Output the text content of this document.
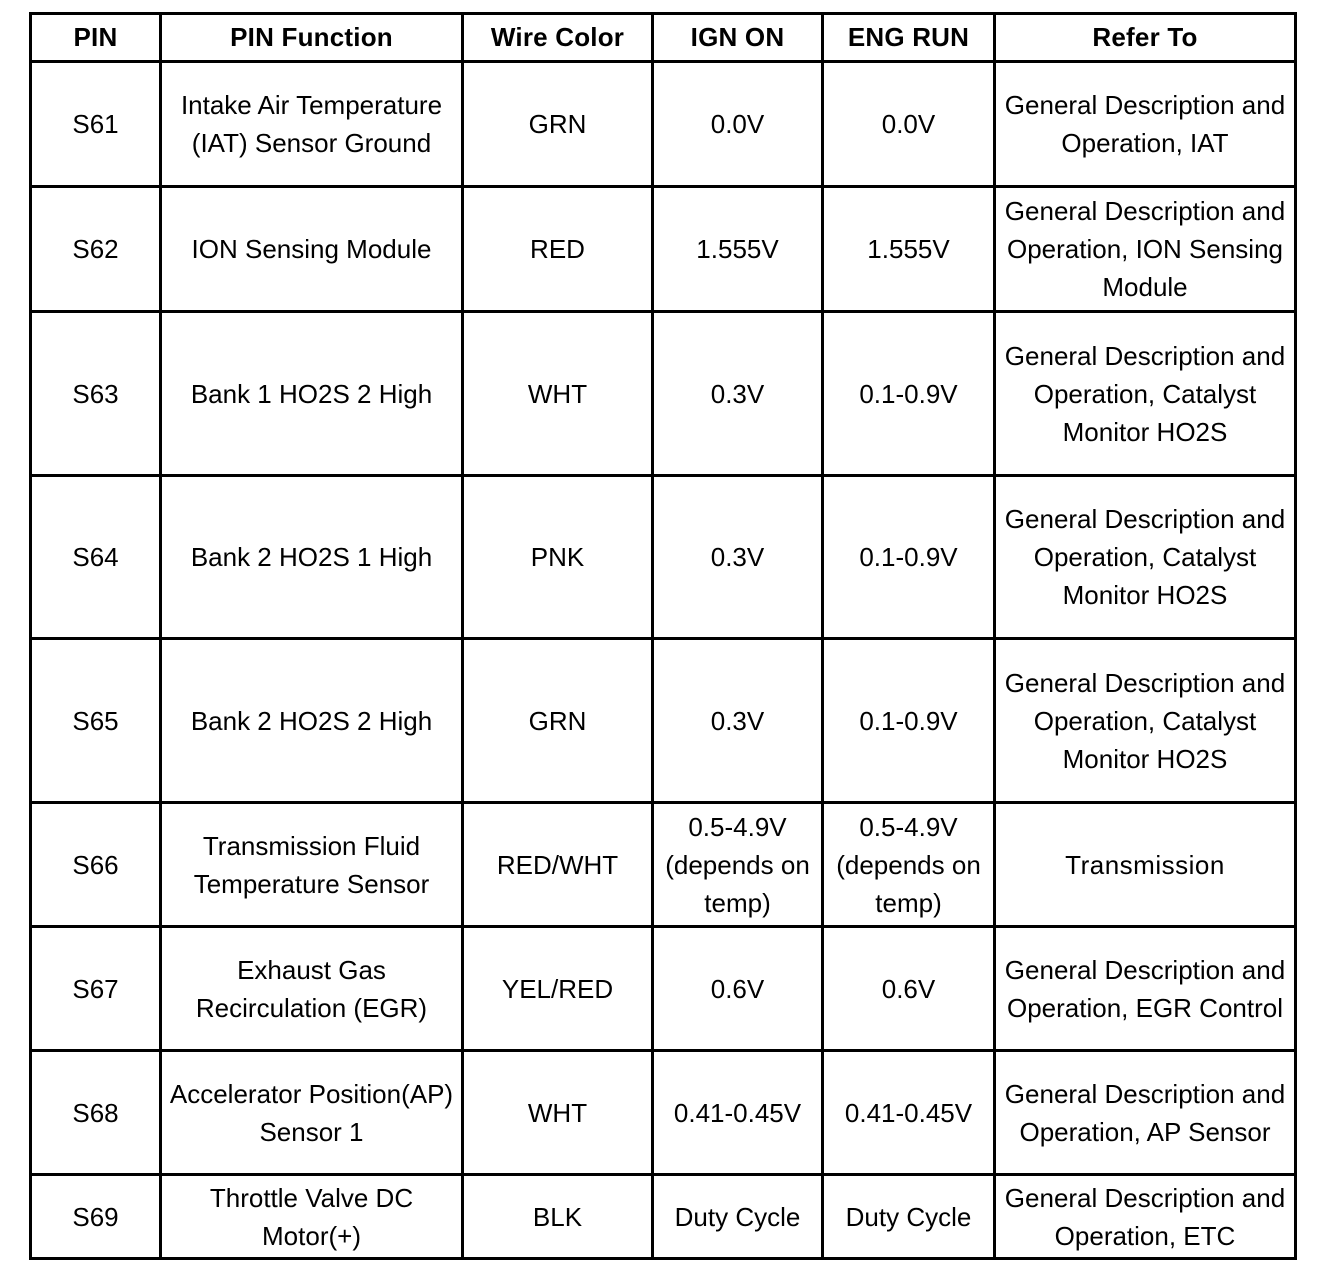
PIN	PIN Function	Wire Color	IGN ON	ENG RUN	Refer To
S61	Intake Air Temperature (IAT) Sensor Ground	GRN	0.0V	0.0V	General Description and Operation, IAT
S62	ION Sensing Module	RED	1.555V	1.555V	General Description and Operation, ION Sensing Module
S63	Bank 1 HO2S 2 High	WHT	0.3V	0.1-0.9V	General Description and Operation, Catalyst Monitor HO2S
S64	Bank 2 HO2S 1 High	PNK	0.3V	0.1-0.9V	General Description and Operation, Catalyst Monitor HO2S
S65	Bank 2 HO2S 2 High	GRN	0.3V	0.1-0.9V	General Description and Operation, Catalyst Monitor HO2S
S66	Transmission Fluid Temperature Sensor	RED/WHT	0.5-4.9V (depends on temp)	0.5-4.9V (depends on temp)	Transmission
S67	Exhaust Gas Recirculation (EGR)	YEL/RED	0.6V	0.6V	General Description and Operation, EGR Control
S68	Accelerator Position(AP) Sensor 1	WHT	0.41-0.45V	0.41-0.45V	General Description and Operation, AP Sensor
S69	Throttle Valve DC Motor(+)	BLK	Duty Cycle	Duty Cycle	General Description and Operation, ETC
